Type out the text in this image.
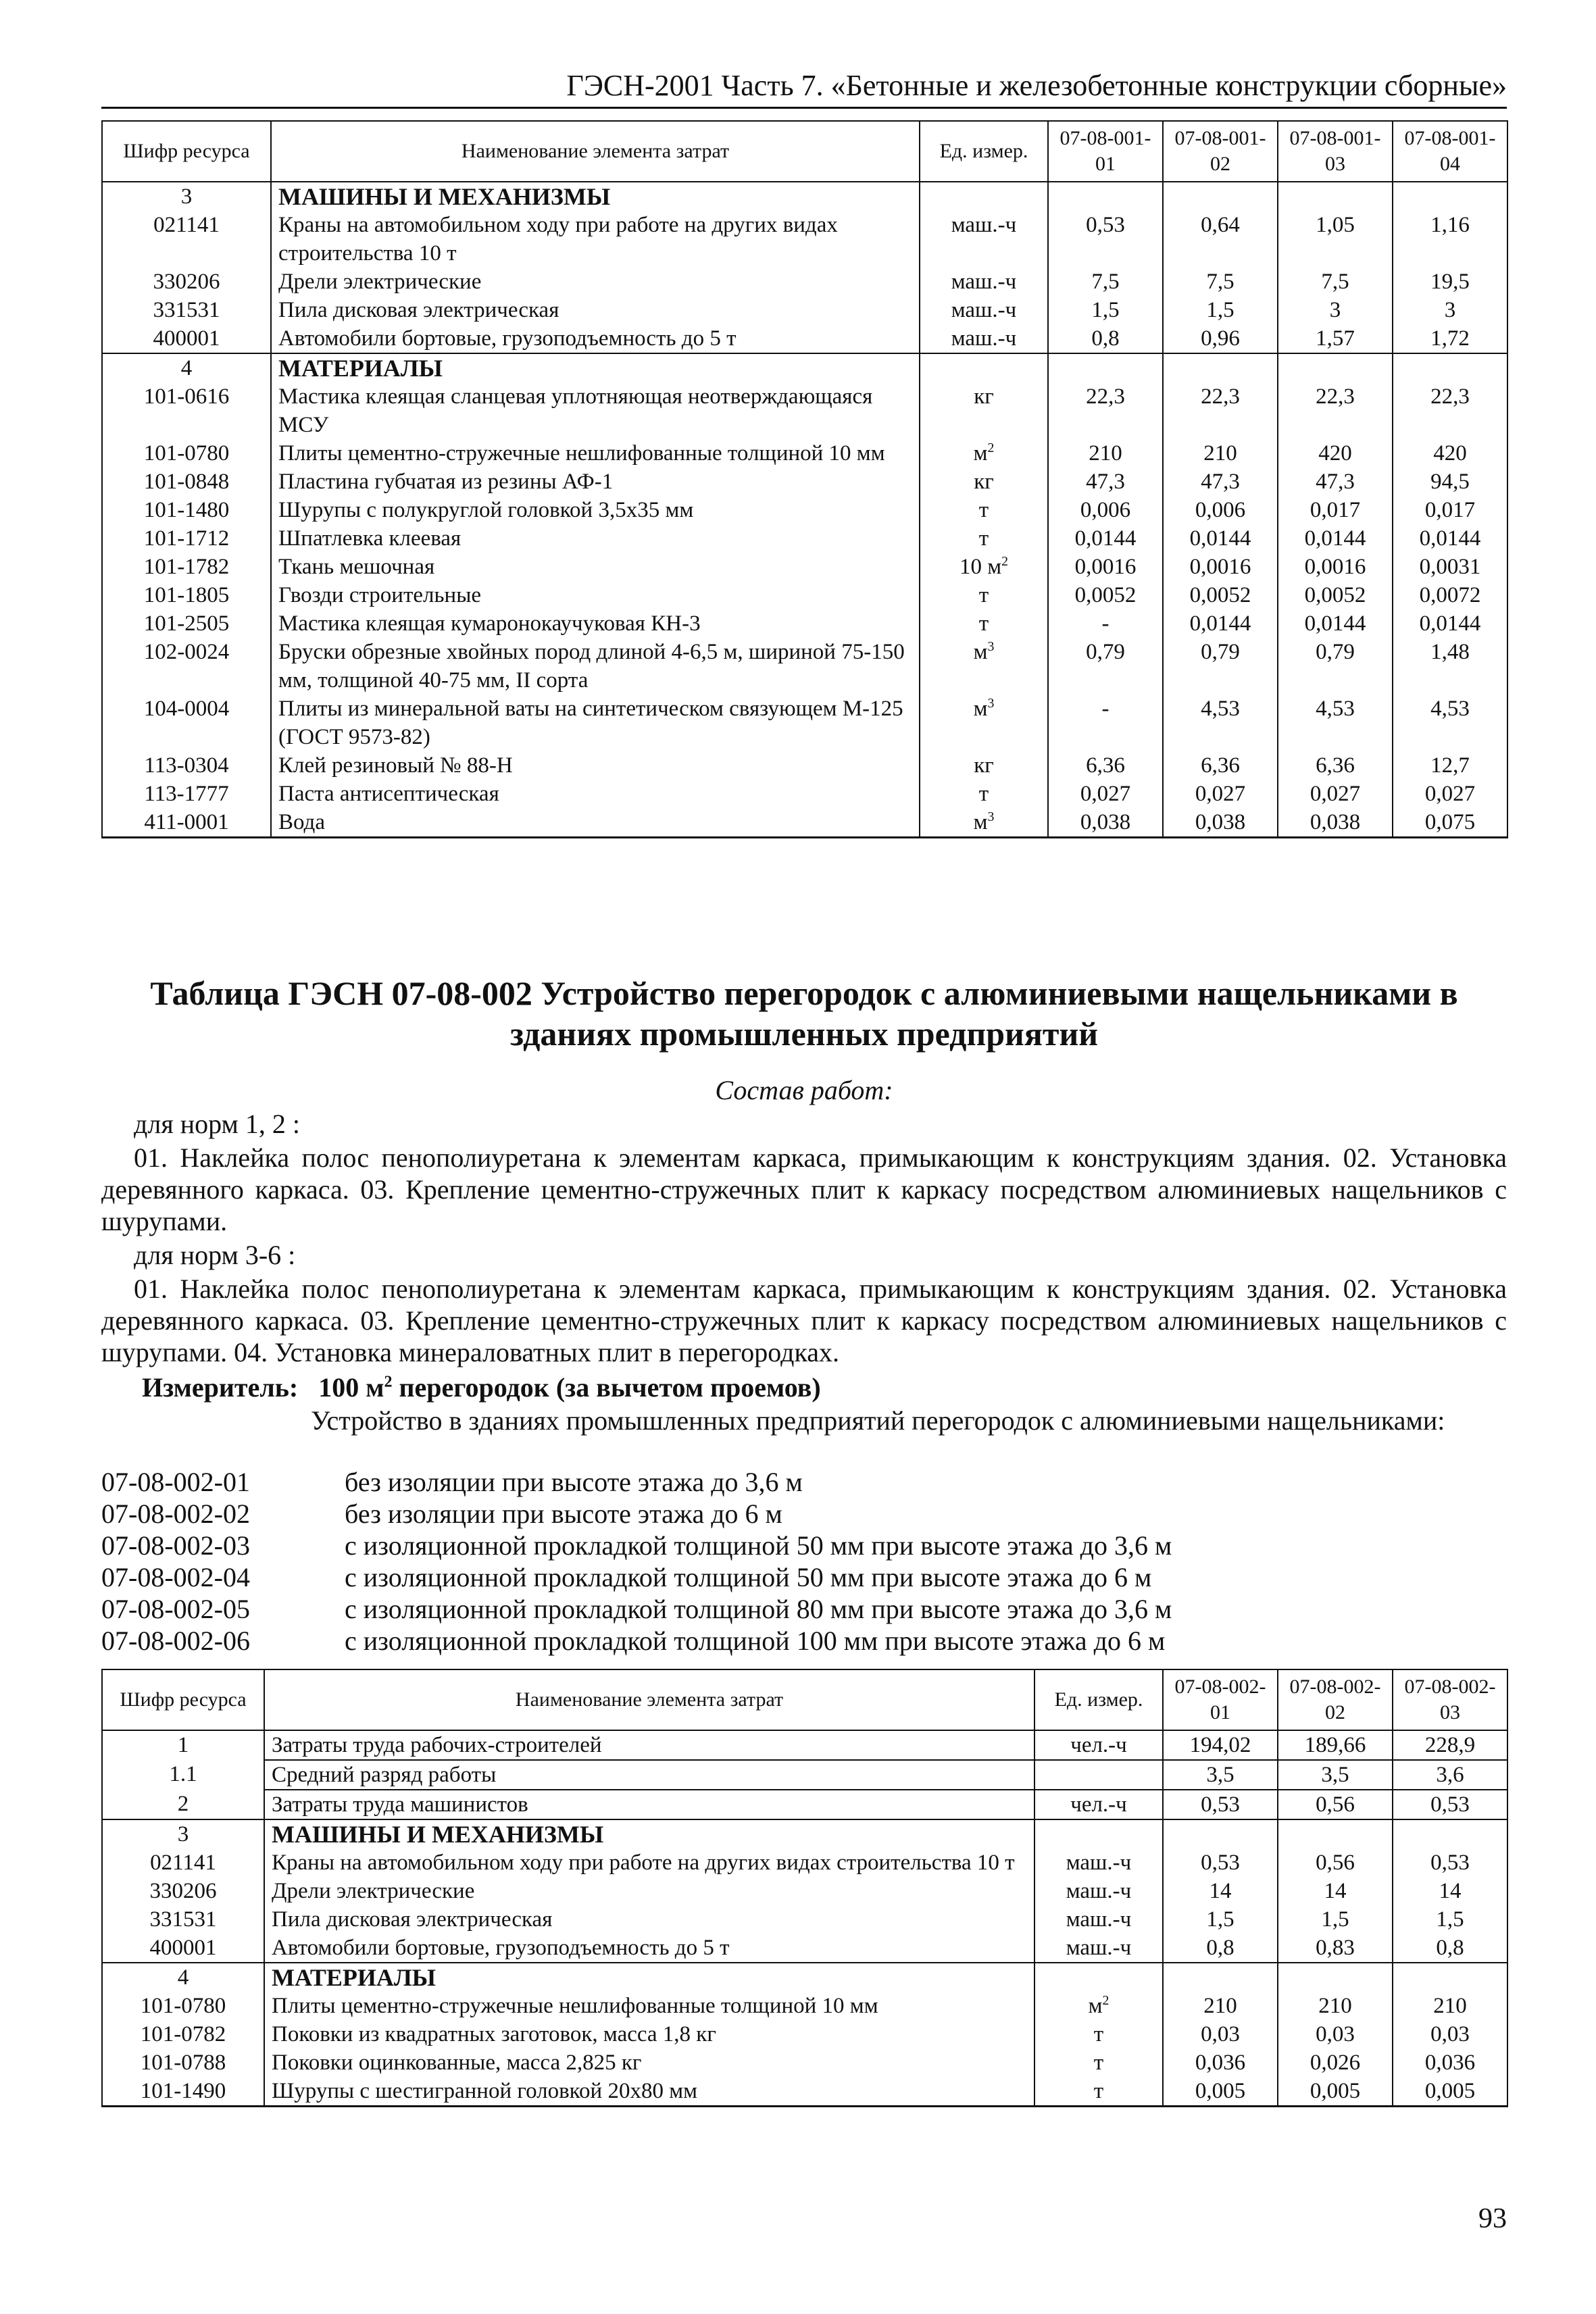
ГЭСН-2001 Часть 7. «Бетонные и железобетонные конструкции сборные»
Шифр ресурса	Наименование элемента затрат	Ед. измер.	07-08-001-01	07-08-001-02	07-08-001-03	07-08-001-04
3	МАШИНЫ И МЕХАНИЗМЫ					
021141	Краны на автомобильном ходу при работе на других видах строительства 10 т	маш.-ч	0,53	0,64	1,05	1,16
330206	Дрели электрические	маш.-ч	7,5	7,5	7,5	19,5
331531	Пила дисковая электрическая	маш.-ч	1,5	1,5	3	3
400001	Автомобили бортовые, грузоподъемность до 5 т	маш.-ч	0,8	0,96	1,57	1,72
4	МАТЕРИАЛЫ					
101-0616	Мастика клеящая сланцевая уплотняющая неотверждающаяся МСУ	кг	22,3	22,3	22,3	22,3
101-0780	Плиты цементно-стружечные нешлифованные толщиной 10 мм	$м^2$	210	210	420	420
101-0848	Пластина губчатая из резины АФ-1	кг	47,3	47,3	47,3	94,5
101-1480	Шурупы с полукруглой головкой 3,5х35 мм	т	0,006	0,006	0,017	0,017
101-1712	Шпатлевка клеевая	т	0,0144	0,0144	0,0144	0,0144
101-1782	Ткань мешочная	10 $м^2$	0,0016	0,0016	0,0016	0,0031
101-1805	Гвозди строительные	т	0,0052	0,0052	0,0052	0,0072
101-2505	Мастика клеящая кумаронокаучуковая КН-3	т	-	0,0144	0,0144	0,0144
102-0024	Бруски обрезные хвойных пород длиной 4-6,5 м, шириной 75-150 мм, толщиной 40-75 мм, II сорта	$м^3$	0,79	0,79	0,79	1,48
104-0004	Плиты из минеральной ваты на синтетическом связующем М-125 (ГОСТ 9573-82)	$м^3$	-	4,53	4,53	4,53
113-0304	Клей резиновый № 88-Н	кг	6,36	6,36	6,36	12,7
113-1777	Паста антисептическая	т	0,027	0,027	0,027	0,027
411-0001	Вода	$м^3$	0,038	0,038	0,038	0,075
Таблица ГЭСН 07-08-002 Устройство перегородок с алюминиевыми нащельниками в зданиях промышленных предприятий
Состав работ:
для норм 1, 2 :
01. Наклейка полос пенополиуретана к элементам каркаса, примыкающим к конструкциям здания. 02. Установка деревянного каркаса. 03. Крепление цементно-стружечных плит к каркасу посредством алюминиевых нащельников с шурупами.
для норм 3-6 :
01. Наклейка полос пенополиуретана к элементам каркаса, примыкающим к конструкциям здания. 02. Установка деревянного каркаса. 03. Крепление цементно-стружечных плит к каркасу посредством алюминиевых нащельников с шурупами. 04. Установка минераловатных плит в перегородках.
Измеритель: 100 $м^2$ перегородок (за вычетом проемов)
Устройство в зданиях промышленных предприятий перегородок с алюминиевыми нащельниками:
07-08-002-01	без изоляции при высоте этажа до 3,6 м
07-08-002-02	без изоляции при высоте этажа до 6 м
07-08-002-03	с изоляционной прокладкой толщиной 50 мм при высоте этажа до 3,6 м
07-08-002-04	с изоляционной прокладкой толщиной 50 мм при высоте этажа до 6 м
07-08-002-05	с изоляционной прокладкой толщиной 80 мм при высоте этажа до 3,6 м
07-08-002-06	с изоляционной прокладкой толщиной 100 мм при высоте этажа до 6 м
Шифр ресурса	Наименование элемента затрат	Ед. измер.	07-08-002-01	07-08-002-02	07-08-002-03
1	Затраты труда рабочих-строителей	чел.-ч	194,02	189,66	228,9
1.1	Средний разряд работы		3,5	3,5	3,6
2	Затраты труда машинистов	чел.-ч	0,53	0,56	0,53
3	МАШИНЫ И МЕХАНИЗМЫ				
021141	Краны на автомобильном ходу при работе на других видах строительства 10 т	маш.-ч	0,53	0,56	0,53
330206	Дрели электрические	маш.-ч	14	14	14
331531	Пила дисковая электрическая	маш.-ч	1,5	1,5	1,5
400001	Автомобили бортовые, грузоподъемность до 5 т	маш.-ч	0,8	0,83	0,8
4	МАТЕРИАЛЫ				
101-0780	Плиты цементно-стружечные нешлифованные толщиной 10 мм	$м^2$	210	210	210
101-0782	Поковки из квадратных заготовок, масса 1,8 кг	т	0,03	0,03	0,03
101-0788	Поковки оцинкованные, масса 2,825 кг	т	0,036	0,026	0,036
101-1490	Шурупы с шестигранной головкой 20х80 мм	т	0,005	0,005	0,005
93
